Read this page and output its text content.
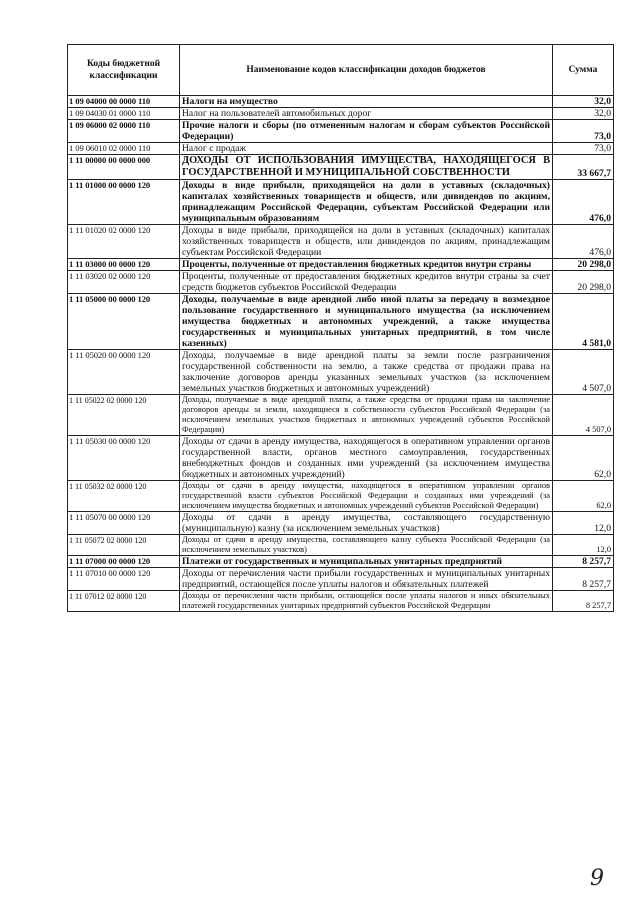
Коды бюджетной классификации	Наименование кодов классификации доходов бюджетов	Сумма
1 09 04000 00 0000 110	Налоги на имущество	32,0
1 09 04030 01 0000 110	Налог на пользователей автомобильных дорог	32,0
1 09 06000 02 0000 110	Прочие налоги и сборы (по отмененным налогам и сборам субъектов Российской Федерации)	73,0
1 09 06010 02 0000 110	Налог с продаж	73,0
1 11 00000 00 0000 000	ДОХОДЫ ОТ ИСПОЛЬЗОВАНИЯ ИМУЩЕСТВА, НАХОДЯЩЕГОСЯ В ГОСУДАРСТВЕННОЙ И МУНИЦИПАЛЬНОЙ СОБСТВЕННОСТИ	33 667,7
1 11 01000 00 0000 120	Доходы в виде прибыли, приходящейся на доли в уставных (складочных) капиталах хозяйственных товариществ и обществ, или дивидендов по акциям, принадлежащим Российской Федерации, субъектам Российской Федерации или муниципальным образованиям	476,0
1 11 01020 02 0000 120	Доходы в виде прибыли, приходящейся на доли в уставных (складочных) капиталах хозяйственных товариществ и обществ, или дивидендов по акциям, принадлежащим субъектам Российской Федерации	476,0
1 11 03000 00 0000 120	Проценты, полученные от предоставления бюджетных кредитов внутри страны	20 298,0
1 11 03020 02 0000 120	Проценты, полученные от предоставления бюджетных кредитов внутри страны за счет средств бюджетов субъектов Российской Федерации	20 298,0
1 11 05000 00 0000 120	Доходы, получаемые в виде арендной либо иной платы за передачу в возмездное пользование государственного и муниципального имущества (за исключением имущества бюджетных и автономных учреждений, а также имущества государственных и муниципальных унитарных предприятий, в том числе казенных)	4 581,0
1 11 05020 00 0000 120	Доходы, получаемые в виде арендной платы за земли после разграничения государственной собственности на землю, а также средства от продажи права на заключение договоров аренды указанных земельных участков (за исключением земельных участков бюджетных и автономных учреждений)	4 507,0
1 11 05022 02 0000 120	Доходы, получаемые в виде арендной платы, а также средства от продажи права на заключение договоров аренды за земли, находящиеся в собственности субъектов Российской Федерации (за исключением земельных участков бюджетных и автономных учреждений субъектов Российской Федерации)	4 507,0
1 11 05030 00 0000 120	Доходы от сдачи в аренду имущества, находящегося в оперативном управлении органов государственной власти, органов местного самоуправления, государственных внебюджетных фондов и созданных ими учреждений (за исключением имущества бюджетных и автономных учреждений)	62,0
1 11 05032 02 0000 120	Доходы от сдачи в аренду имущества, находящегося в оперативном управлении органов государственной власти субъектов Российской Федерации и созданных ими учреждений (за исключением имущества бюджетных и автономных учреждений субъектов Российской Федерации)	62,0
1 11 05070 00 0000 120	Доходы от сдачи в аренду имущества, составляющего государственную (муниципальную) казну (за исключением земельных участков)	12,0
1 11 05072 02 0000 120	Доходы от сдачи в аренду имущества, составляющего казну субъекта Российской Федерации (за исключением земельных участков)	12,0
1 11 07000 00 0000 120	Платежи от государственных и муниципальных унитарных предприятий	8 257,7
1 11 07010 00 0000 120	Доходы от перечисления части прибыли государственных и муниципальных унитарных предприятий, остающейся после уплаты налогов и обязательных платежей	8 257,7
1 11 07012 02 0000 120	Доходы от перечисления части прибыли, остающейся после уплаты налогов и иных обязательных платежей государственных унитарных предприятий субъектов Российской Федерации	8 257,7
9
